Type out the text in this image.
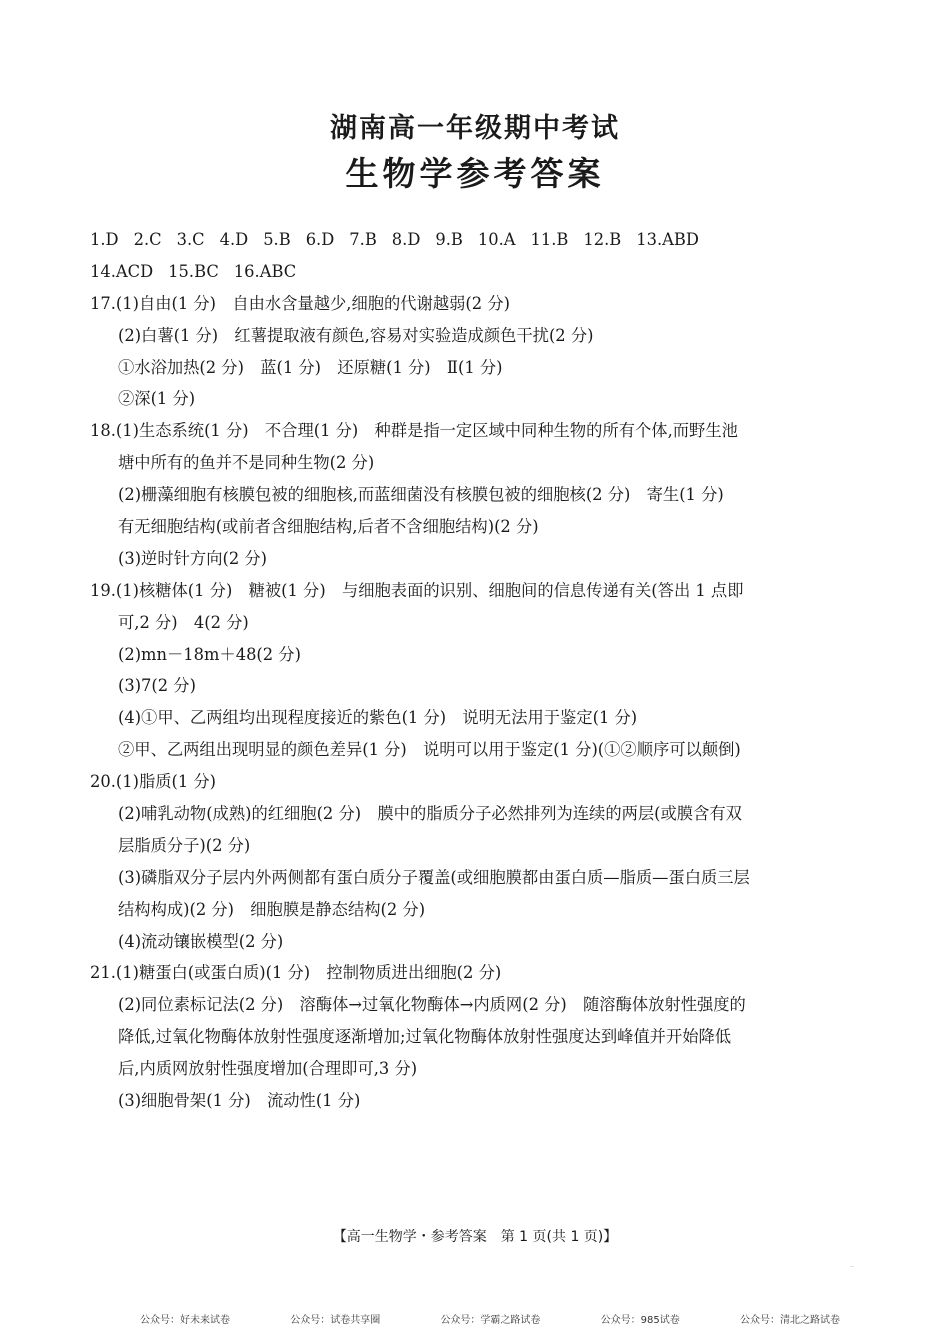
湖南高一年级期中考试
生物学参考答案
1.D 2.C 3.C 4.D 5.B 6.D 7.B 8.D 9.B 10.A 11.B 12.B 13.ABD
14.ACD 15.BC 16.ABC
17.(1)自由(1 分)　自由水含量越少,细胞的代谢越弱(2 分)
(2)白薯(1 分)　红薯提取液有颜色,容易对实验造成颜色干扰(2 分)
①水浴加热(2 分)　蓝(1 分)　还原糖(1 分)　Ⅱ(1 分)
②深(1 分)
18.(1)生态系统(1 分)　不合理(1 分)　种群是指一定区域中同种生物的所有个体,而野生池
塘中所有的鱼并不是同种生物(2 分)
(2)栅藻细胞有核膜包被的细胞核,而蓝细菌没有核膜包被的细胞核(2 分)　寄生(1 分)
有无细胞结构(或前者含细胞结构,后者不含细胞结构)(2 分)
(3)逆时针方向(2 分)
19.(1)核糖体(1 分)　糖被(1 分)　与细胞表面的识别、细胞间的信息传递有关(答出 1 点即
可,2 分)　4(2 分)
(2)mn－18m＋48(2 分)
(3)7(2 分)
(4)①甲、乙两组均出现程度接近的紫色(1 分)　说明无法用于鉴定(1 分)
②甲、乙两组出现明显的颜色差异(1 分)　说明可以用于鉴定(1 分)(①②顺序可以颠倒)
20.(1)脂质(1 分)
(2)哺乳动物(成熟)的红细胞(2 分)　膜中的脂质分子必然排列为连续的两层(或膜含有双
层脂质分子)(2 分)
(3)磷脂双分子层内外两侧都有蛋白质分子覆盖(或细胞膜都由蛋白质—脂质—蛋白质三层
结构构成)(2 分)　细胞膜是静态结构(2 分)
(4)流动镶嵌模型(2 分)
21.(1)糖蛋白(或蛋白质)(1 分)　控制物质进出细胞(2 分)
(2)同位素标记法(2 分)　溶酶体→过氧化物酶体→内质网(2 分)　随溶酶体放射性强度的
降低,过氧化物酶体放射性强度逐渐增加;过氧化物酶体放射性强度达到峰值并开始降低
后,内质网放射性强度增加(合理即可,3 分)
(3)细胞骨架(1 分)　流动性(1 分)
【高一生物学・参考答案　第 1 页(共 1 页)】
..
公众号：好未来试卷	公众号：试卷共享圈	公众号：学霸之路试卷	公众号：985试卷	公众号：清北之路试卷
